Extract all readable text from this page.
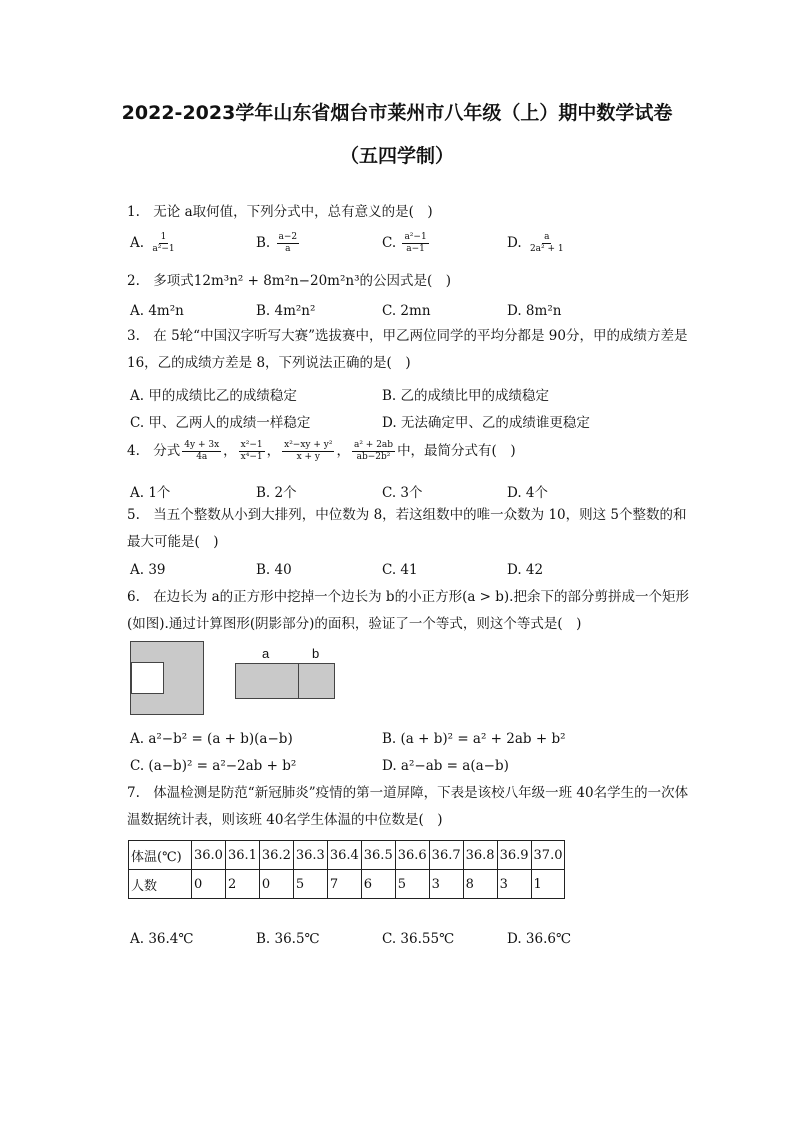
2022-2023学年山东省烟台市莱州市八年级（上）期中数学试卷
（五四学制）
1. 无论 a取何值，下列分式中，总有意义的是(　)
A. $\frac{1}{\text{a²−1}}$	B. $\frac{a-2}{a}$	C. $\frac{\text{a²−1}}{a-1}$	D. $\frac{a}{\text{2a² + 1}}$
2. 多项式12m³n² + 8m²n−20m²n³的公因式是(　)
A. 4m²n	B. 4m²n²	C. 2mn	D. 8m²n
3. 在 5轮“中国汉字听写大赛”选拔赛中，甲乙两位同学的平均分都是 90分，甲的成绩方差是 16，乙的成绩方差是 8，下列说法正确的是(　)
A. 甲的成绩比乙的成绩稳定	B. 乙的成绩比甲的成绩稳定
C. 甲、乙两人的成绩一样稳定	D. 无法确定甲、乙的成绩谁更稳定
4. 分式 $\frac{4y + 3x}{4a}$ ， $\frac{\text{x²−1}}{\text{x⁴−1}}$ ， $\frac{\text{x²−xy + y²}}{x + y}$ ， $\frac{\text{a² + 2ab}}{\text{ab−2b²}}$ 中，最简分式有(　)
A. 1个	B. 2个	C. 3个	D. 4个
5. 当五个整数从小到大排列，中位数为 8，若这组数中的唯一众数为 10，则这 5个整数的和最大可能是(　)
A. 39	B. 40	C. 41	D. 42
6. 在边长为 a的正方形中挖掉一个边长为 b的小正方形(a > b).把余下的部分剪拼成一个矩形(如图).通过计算图形(阴影部分)的面积，验证了一个等式，则这个等式是(　)
a	b
A. a²−b² = (a + b)(a−b)	B. (a + b)² = a² + 2ab + b²
C. (a−b)² = a²−2ab + b²	D. a²−ab = a(a−b)
7. 体温检测是防范“新冠肺炎”疫情的第一道屏障，下表是该校八年级一班 40名学生的一次体温数据统计表，则该班 40名学生体温的中位数是(　)
体温(℃)	36.0	36.1	36.2	36.3	36.4	36.5	36.6	36.7	36.8	36.9	37.0
人数	0	2	0	5	7	6	5	3	8	3	1
A. 36.4℃	B. 36.5℃	C. 36.55℃	D. 36.6℃
